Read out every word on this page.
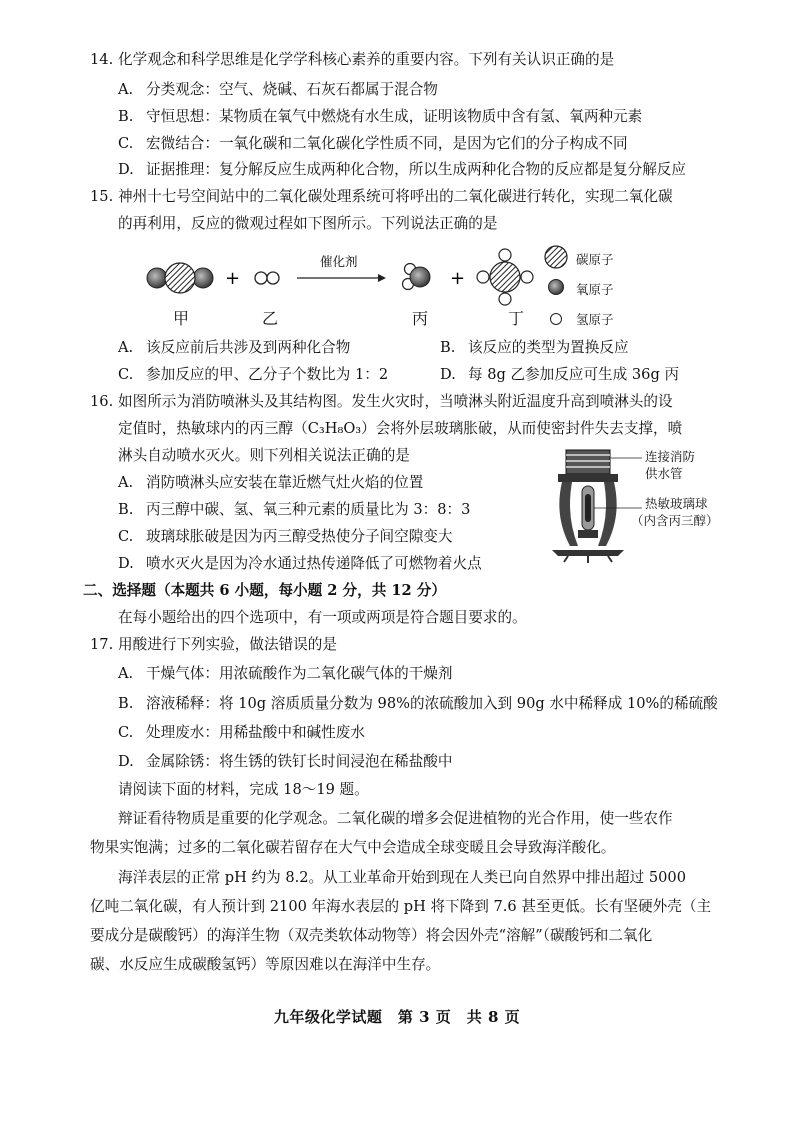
14. 化学观念和科学思维是化学学科核心素养的重要内容。下列有关认识正确的是
A. 分类观念：空气、烧碱、石灰石都属于混合物
B. 守恒思想：某物质在氧气中燃烧有水生成，证明该物质中含有氢、氧两种元素
C. 宏微结合：一氧化碳和二氧化碳化学性质不同，是因为它们的分子构成不同
D. 证据推理：复分解反应生成两种化合物，所以生成两种化合物的反应都是复分解反应
15. 神州十七号空间站中的二氧化碳处理系统可将呼出的二氧化碳进行转化，实现二氧化碳
的再利用，反应的微观过程如下图所示。下列说法正确的是
+
催化剂
+
碳原子
氧原子
氢原子
甲	乙	丙	丁
A. 该反应前后共涉及到两种化合物	B. 该反应的类型为置换反应
C. 参加反应的甲、乙分子个数比为 1：2	D. 每 8g 乙参加反应可生成 36g 丙
16. 如图所示为消防喷淋头及其结构图。发生火灾时，当喷淋头附近温度升高到喷淋头的设
定值时，热敏球内的丙三醇（C₃H₈O₃）会将外层玻璃胀破，从而使密封件失去支撑，喷
淋头自动喷水灭火。则下列相关说法正确的是	连接消防
供水管
热敏玻璃球
（内含丙三醇）
A. 消防喷淋头应安装在靠近燃气灶火焰的位置
B. 丙三醇中碳、氢、氧三种元素的质量比为 3：8：3
C. 玻璃球胀破是因为丙三醇受热使分子间空隙变大
D. 喷水灭火是因为冷水通过热传递降低了可燃物着火点
二、选择题（本题共 6 小题，每小题 2 分，共 12 分）
在每小题给出的四个选项中，有一项或两项是符合题目要求的。
17. 用酸进行下列实验，做法错误的是
A. 干燥气体：用浓硫酸作为二氧化碳气体的干燥剂
B. 溶液稀释：将 10g 溶质质量分数为 98%的浓硫酸加入到 90g 水中稀释成 10%的稀硫酸
C. 处理废水：用稀盐酸中和碱性废水
D. 金属除锈：将生锈的铁钉长时间浸泡在稀盐酸中
请阅读下面的材料，完成 18～19 题。
辩证看待物质是重要的化学观念。二氧化碳的增多会促进植物的光合作用，使一些农作
物果实饱满；过多的二氧化碳若留存在大气中会造成全球变暖且会导致海洋酸化。
海洋表层的正常 pH 约为 8.2。从工业革命开始到现在人类已向自然界中排出超过 5000
亿吨二氧化碳，有人预计到 2100 年海水表层的 pH 将下降到 7.6 甚至更低。长有坚硬外壳（主
要成分是碳酸钙）的海洋生物（双壳类软体动物等）将会因外壳“溶解”（碳酸钙和二氧化
碳、水反应生成碳酸氢钙）等原因难以在海洋中生存。
九年级化学试题　第 3 页　共 8 页
